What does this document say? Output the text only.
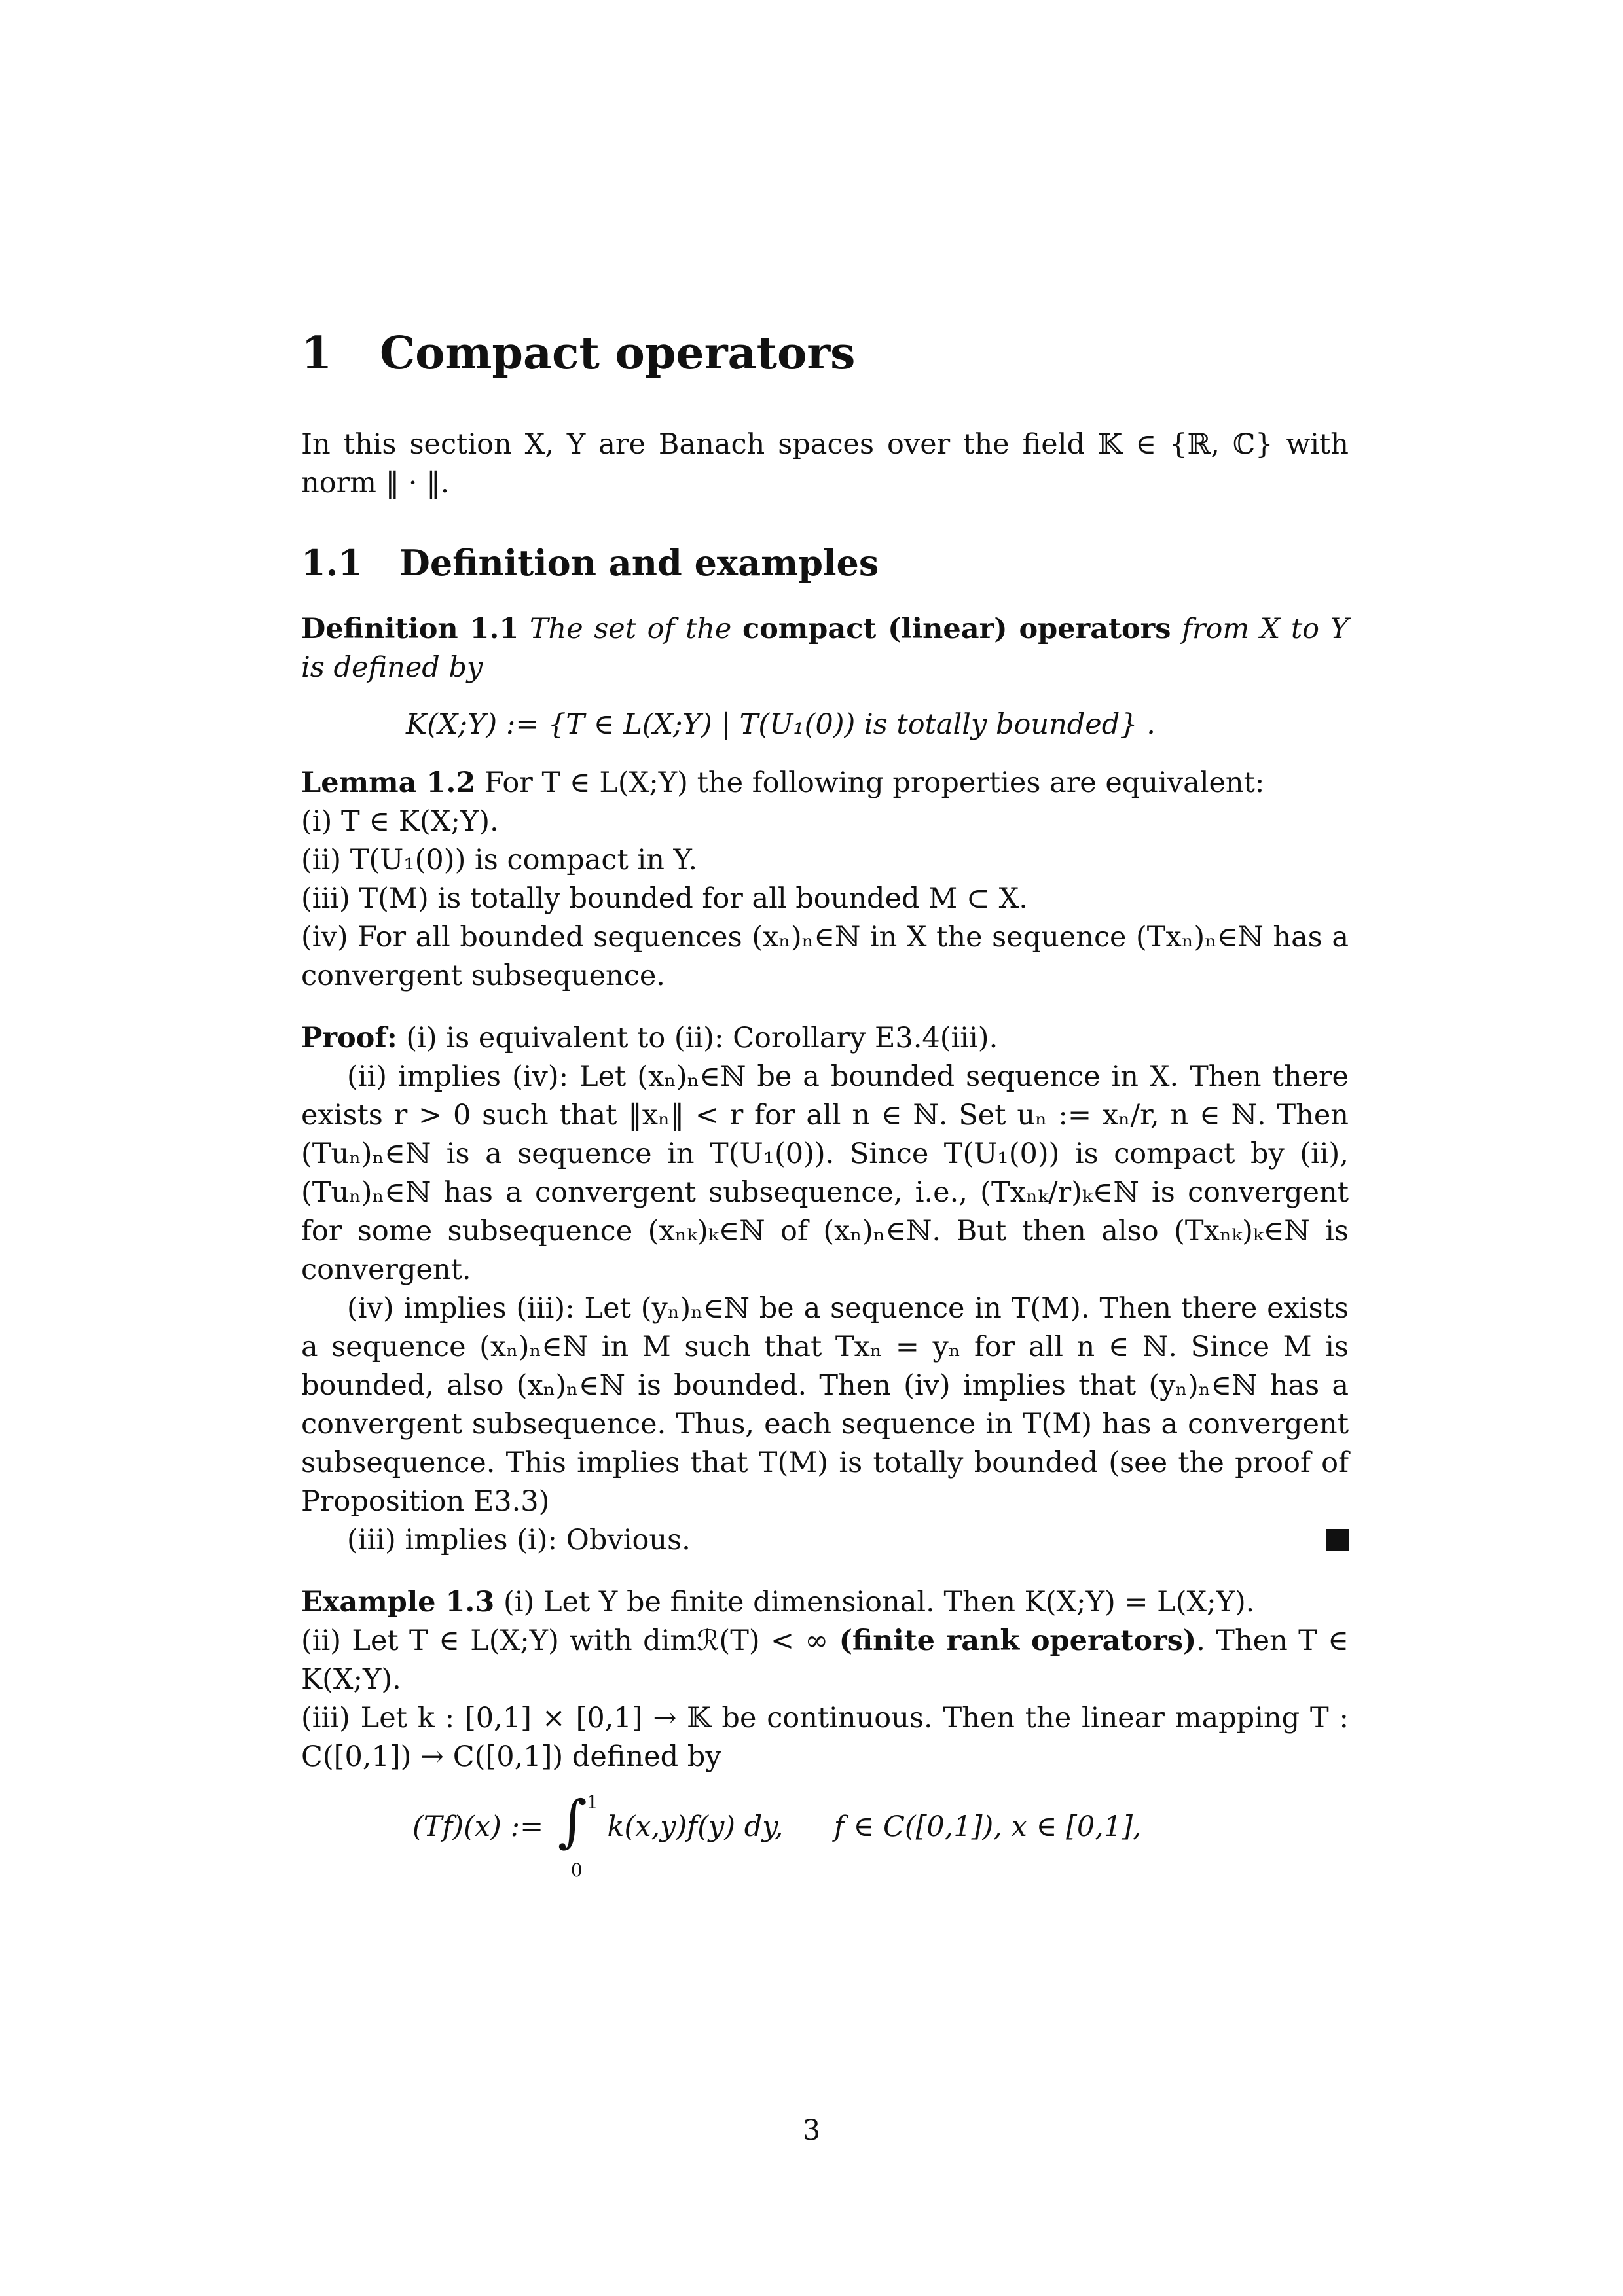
1 Compact operators

In this section X, Y are Banach spaces over the field 𝕂 ∈ {ℝ, ℂ} with norm ‖ · ‖.

1.1 Definition and examples

Definition 1.1 The set of the compact (linear) operators from X to Y is defined by

K(X;Y) := {T ∈ L(X;Y) | T(U₁(0)) is totally bounded} .

Lemma 1.2 For T ∈ L(X;Y) the following properties are equivalent:

(i) T ∈ K(X;Y).

(ii) T(U₁(0)) is compact in Y.

(iii) T(M) is totally bounded for all bounded M ⊂ X.

(iv) For all bounded sequences (xₙ)ₙ∈ℕ in X the sequence (Txₙ)ₙ∈ℕ has a convergent subsequence.

Proof: (i) is equivalent to (ii): Corollary E3.4(iii).

(ii) implies (iv): Let (xₙ)ₙ∈ℕ be a bounded sequence in X. Then there exists r > 0 such that ‖xₙ‖ < r for all n ∈ ℕ. Set uₙ := xₙ/r, n ∈ ℕ. Then (Tuₙ)ₙ∈ℕ is a sequence in T(U₁(0)). Since T(U₁(0)) is compact by (ii), (Tuₙ)ₙ∈ℕ has a convergent subsequence, i.e., (Txₙₖ/r)ₖ∈ℕ is convergent for some subsequence (xₙₖ)ₖ∈ℕ of (xₙ)ₙ∈ℕ. But then also (Txₙₖ)ₖ∈ℕ is convergent.

(iv) implies (iii): Let (yₙ)ₙ∈ℕ be a sequence in T(M). Then there exists a sequence (xₙ)ₙ∈ℕ in M such that Txₙ = yₙ for all n ∈ ℕ. Since M is bounded, also (xₙ)ₙ∈ℕ is bounded. Then (iv) implies that (yₙ)ₙ∈ℕ has a convergent subsequence. Thus, each sequence in T(M) has a convergent subsequence. This implies that T(M) is totally bounded (see the proof of Proposition E3.3)

(iii) implies (i): Obvious.

Example 1.3 (i) Let Y be finite dimensional. Then K(X;Y) = L(X;Y).

(ii) Let T ∈ L(X;Y) with dimℛ(T) < ∞ (finite rank operators). Then T ∈ K(X;Y).

(iii) Let k : [0,1] × [0,1] → 𝕂 be continuous. Then the linear mapping T : C([0,1]) → C([0,1]) defined by

(Tf)(x) := ∫ 1
0
k(x,y)f(y) dy, f ∈ C([0,1]), x ∈ [0,1],
3
